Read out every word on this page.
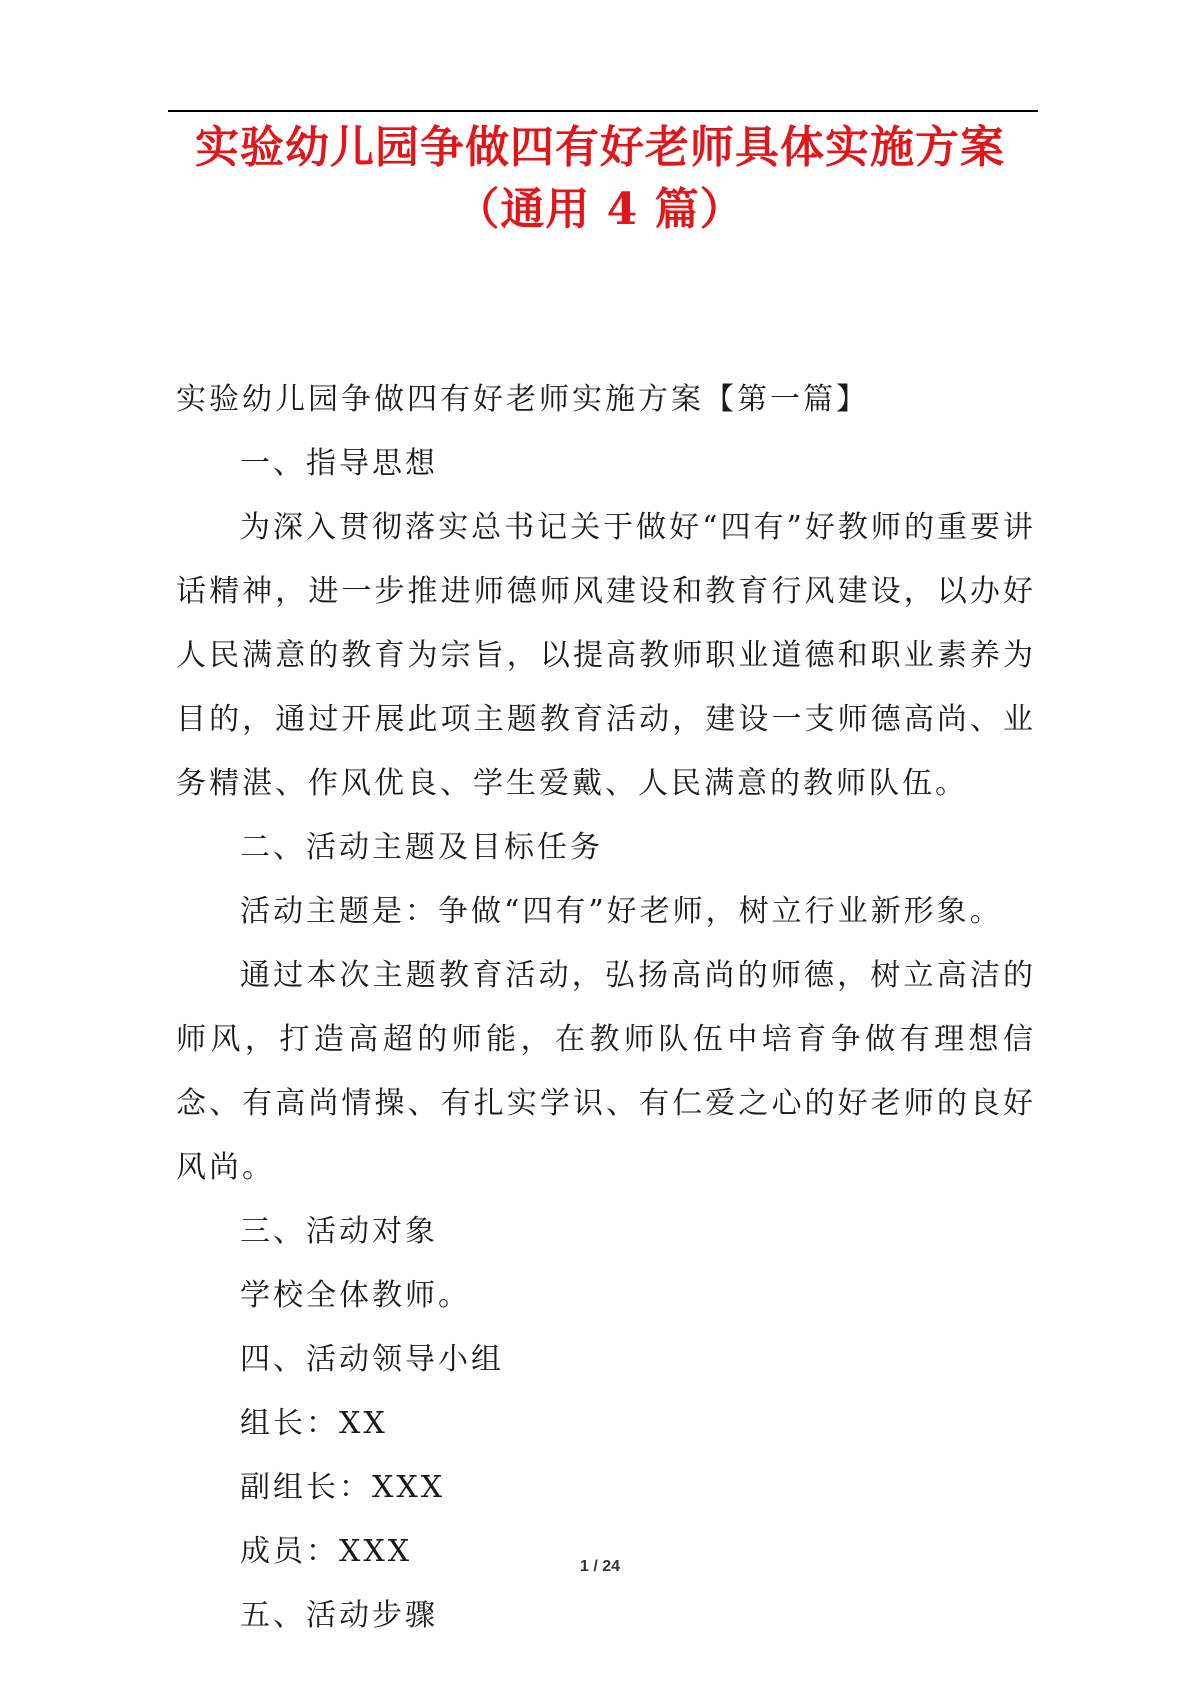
实验幼儿园争做四有好老师具体实施方案
（通用 4 篇）

实验幼儿园争做四有好老师实施方案【第一篇】

一、指导思想

为深入贯彻落实总书记关于做好“四有”好教师的重要讲话精神，进一步推进师德师风建设和教育行风建设，以办好人民满意的教育为宗旨，以提高教师职业道德和职业素养为目的，通过开展此项主题教育活动，建设一支师德高尚、业务精湛、作风优良、学生爱戴、人民满意的教师队伍。

二、活动主题及目标任务

活动主题是：争做“四有”好老师，树立行业新形象。

通过本次主题教育活动，弘扬高尚的师德，树立高洁的师风，打造高超的师能，在教师队伍中培育争做有理想信念、有高尚情操、有扎实学识、有仁爱之心的好老师的良好风尚。

三、活动对象

学校全体教师。

四、活动领导小组

组长：XX

副组长：XXX

成员：XXX

五、活动步骤

1 / 24
